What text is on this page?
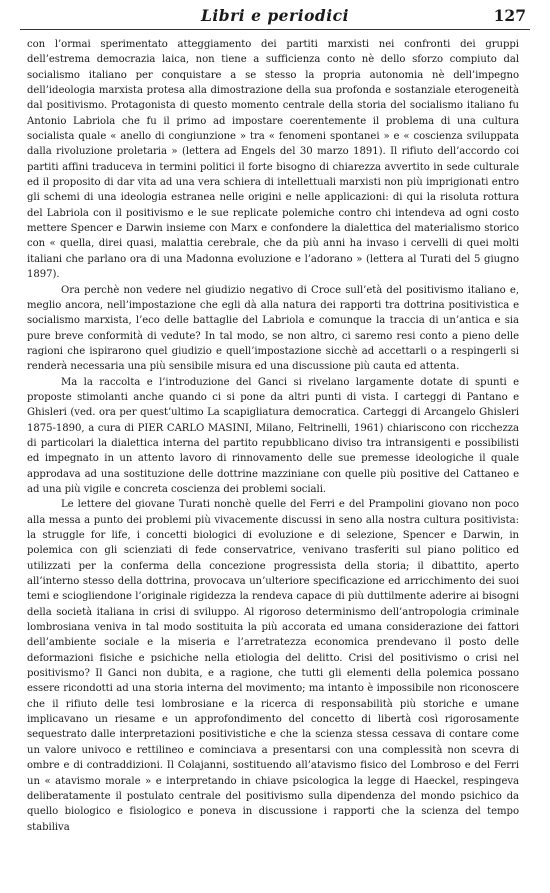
Libri e periodici	127

con l’ormai sperimentato atteggiamento dei partiti marxisti nei confronti dei gruppi dell’estrema democrazia laica, non tiene a sufficienza conto nè dello sforzo compiuto dal socialismo italiano per conquistare a se stesso la propria autonomia nè dell’impegno dell’ideologia marxista protesa alla dimostrazione della sua profonda e sostanziale eterogeneità dal positivismo. Protagonista di questo momento centrale della storia del socialismo italiano fu Antonio Labriola che fu il primo ad impostare coerentemente il problema di una cultura socialista quale « anello di congiunzione » tra « fenomeni spontanei » e « coscienza sviluppata dalla rivoluzione proletaria » (lettera ad Engels del 30 marzo 1891). Il rifiuto dell’accordo coi partiti affini traduceva in termini politici il forte bisogno di chiarezza avvertito in sede culturale ed il proposito di dar vita ad una vera schiera di intellettuali marxisti non più imprigionati entro gli schemi di una ideologia estranea nelle origini e nelle applicazioni: di qui la risoluta rottura del Labriola con il positivismo e le sue replicate polemiche contro chi intendeva ad ogni costo mettere Spencer e Darwin insieme con Marx e confondere la dialettica del materialismo storico con « quella, direi quasi, malattia cerebrale, che da più anni ha invaso i cervelli di quei molti italiani che parlano ora di una Madonna evoluzione e l’adorano » (lettera al Turati del 5 giugno 1897).

Ora perchè non vedere nel giudizio negativo di Croce sull’età del positivismo italiano e, meglio ancora, nell’impostazione che egli dà alla natura dei rapporti tra dottrina positivistica e socialismo marxista, l’eco delle battaglie del Labriola e comunque la traccia di un’antica e sia pure breve conformità di vedute? In tal modo, se non altro, ci saremo resi conto a pieno delle ragioni che ispirarono quel giudizio e quell’impostazione sicchè ad accettarli o a respingerli si renderà necessaria una più sensibile misura ed una discussione più cauta ed attenta.

Ma la raccolta e l’introduzione del Ganci si rivelano largamente dotate di spunti e proposte stimolanti anche quando ci si pone da altri punti di vista. I carteggi di Pantano e Ghisleri (ved. ora per quest’ultimo La scapigliatura democratica. Carteggi di Arcangelo Ghisleri 1875-1890, a cura di PIER CARLO MASINI, Milano, Feltrinelli, 1961) chiariscono con ricchezza di particolari la dialettica interna del partito repubblicano diviso tra intransigenti e possibilisti ed impegnato in un attento lavoro di rinnovamento delle sue premesse ideologiche il quale approdava ad una sostituzione delle dottrine mazziniane con quelle più positive del Cattaneo e ad una più vigile e concreta coscienza dei problemi sociali.

Le lettere del giovane Turati nonchè quelle del Ferri e del Prampolini giovano non poco alla messa a punto dei problemi più vivacemente discussi in seno alla nostra cultura positivista: la struggle for life, i concetti biologici di evoluzione e di selezione, Spencer e Darwin, in polemica con gli scienziati di fede conservatrice, venivano trasferiti sul piano politico ed utilizzati per la conferma della concezione progressista della storia; il dibattito, aperto all’interno stesso della dottrina, provocava un’ulteriore specificazione ed arricchimento dei suoi temi e sciogliendone l’originale rigidezza la rendeva capace di più duttilmente aderire ai bisogni della società italiana in crisi di sviluppo. Al rigoroso determinismo dell’antropologia criminale lombrosiana veniva in tal modo sostituita la più accorata ed umana considerazione dei fattori dell’ambiente sociale e la miseria e l’arretratezza economica prendevano il posto delle deformazioni fisiche e psichiche nella etiologia del delitto. Crisi del positivismo o crisi nel positivismo? Il Ganci non dubita, e a ragione, che tutti gli elementi della polemica possano essere ricondotti ad una storia interna del movimento; ma intanto è impossibile non riconoscere che il rifiuto delle tesi lombrosiane e la ricerca di responsabilità più storiche e umane implicavano un riesame e un approfondimento del concetto di libertà così rigorosamente sequestrato dalle interpretazioni positivistiche e che la scienza stessa cessava di contare come un valore univoco e rettilineo e cominciava a presentarsi con una complessità non scevra di ombre e di contraddizioni. Il Colajanni, sostituendo all’atavismo fisico del Lombroso e del Ferri un « atavismo morale » e interpretando in chiave psicologica la legge di Haeckel, respingeva deliberatamente il postulato centrale del positivismo sulla dipendenza del mondo psichico da quello biologico e fisiologico e poneva in discussione i rapporti che la scienza del tempo stabiliva
